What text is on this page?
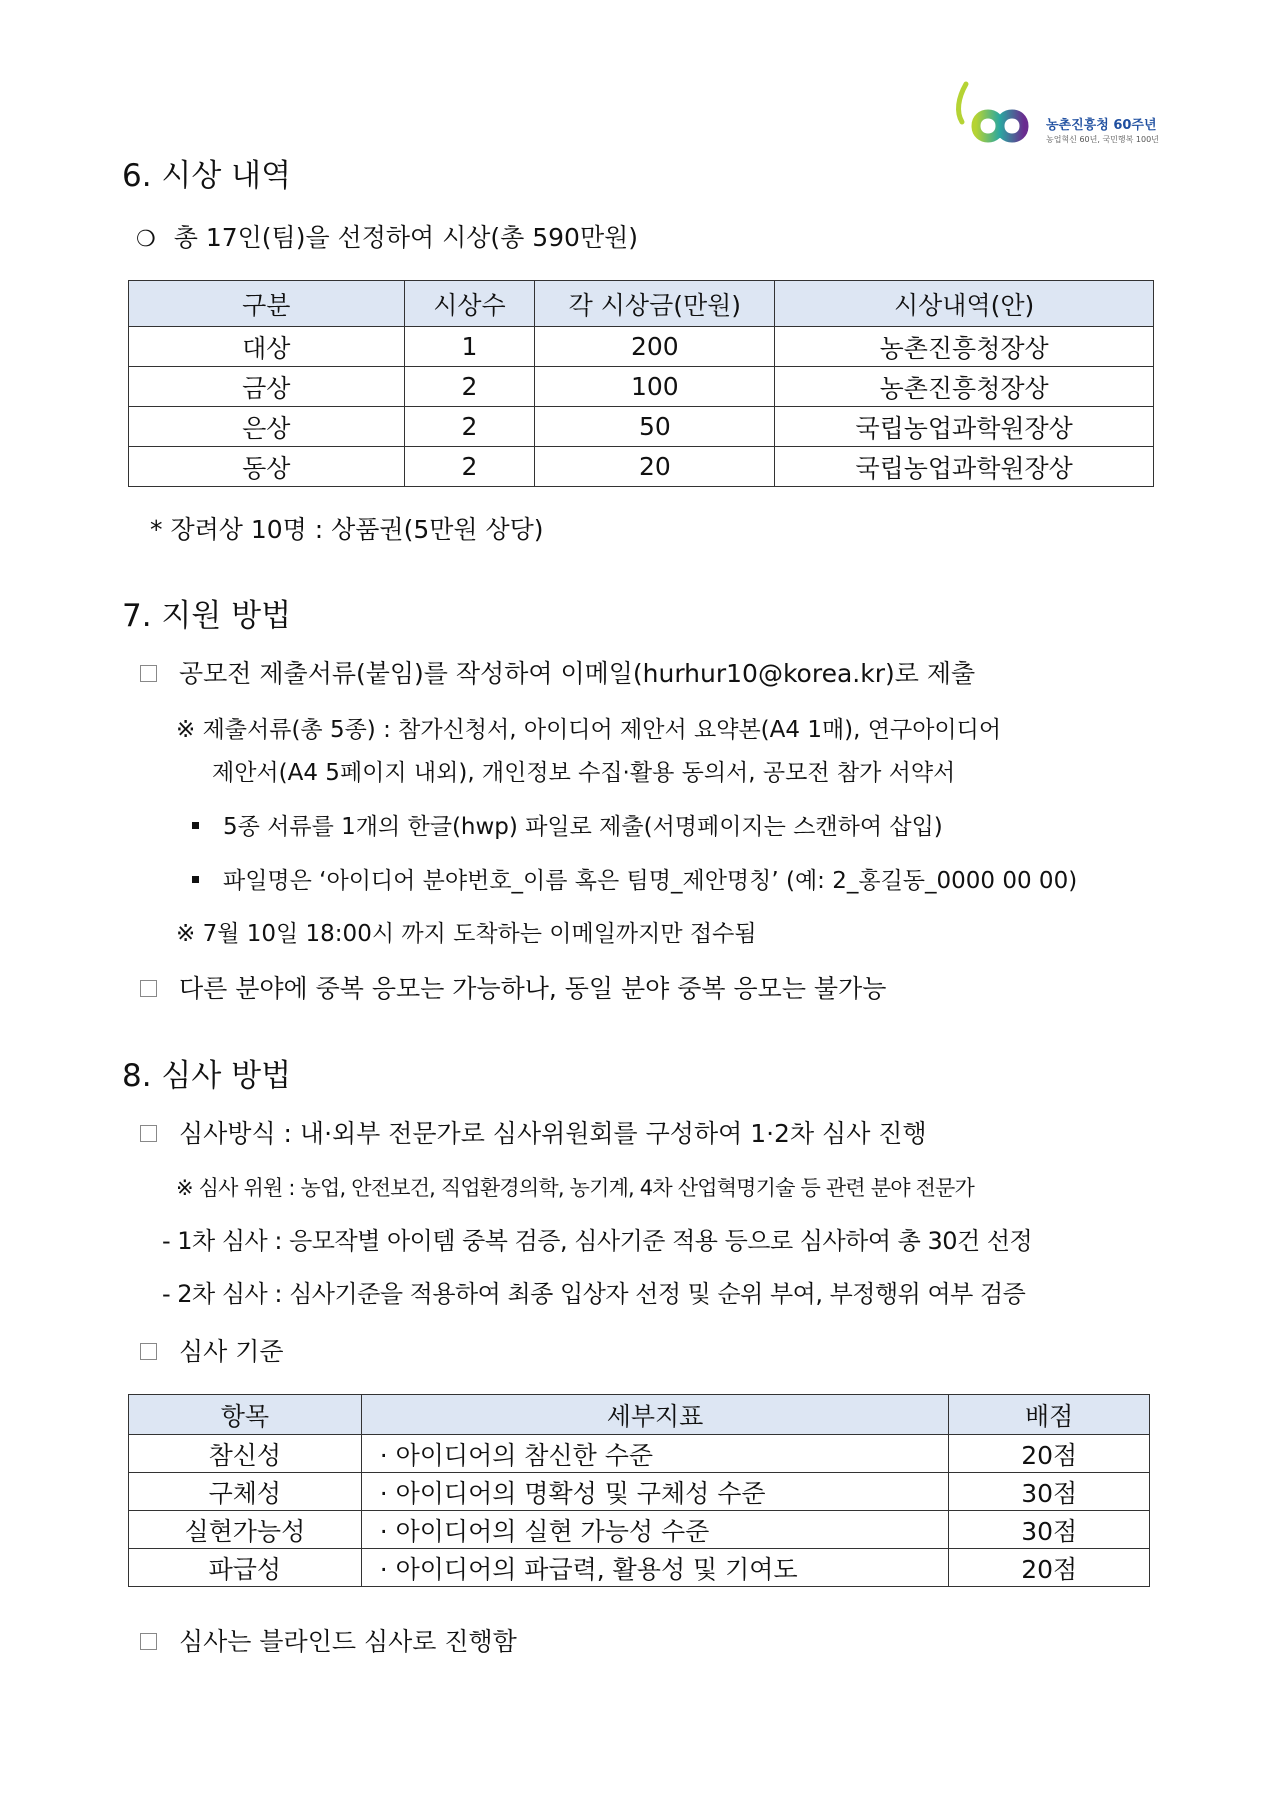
농촌진흥청 60주년
농업혁신 60년, 국민행복 100년
6. 시상 내역
❍ 총 17인(팀)을 선정하여 시상(총 590만원)
구분	시상수	각 시상금(만원)	시상내역(안)
대상	1	200	농촌진흥청장상
금상	2	100	농촌진흥청장상
은상	2	50	국립농업과학원장상
동상	2	20	국립농업과학원장상
* 장려상 10명 : 상품권(5만원 상당)
7. 지원 방법
공모전 제출서류(붙임)를 작성하여 이메일(hurhur10@korea.kr)로 제출
※ 제출서류(총 5종) : 참가신청서, 아이디어 제안서 요약본(A4 1매), 연구아이디어
제안서(A4 5페이지 내외), 개인정보 수집·활용 동의서, 공모전 참가 서약서
5종 서류를 1개의 한글(hwp) 파일로 제출(서명페이지는 스캔하여 삽입)
파일명은 ‘아이디어 분야번호_이름 혹은 팀명_제안명칭’ (예: 2_홍길동_0000 00 00)
※ 7월 10일 18:00시 까지 도착하는 이메일까지만 접수됨
다른 분야에 중복 응모는 가능하나, 동일 분야 중복 응모는 불가능
8. 심사 방법
심사방식 : 내·외부 전문가로 심사위원회를 구성하여 1·2차 심사 진행
※ 심사 위원 : 농업, 안전보건, 직업환경의학, 농기계, 4차 산업혁명기술 등 관련 분야 전문가
- 1차 심사 : 응모작별 아이템 중복 검증, 심사기준 적용 등으로 심사하여 총 30건 선정
- 2차 심사 : 심사기준을 적용하여 최종 입상자 선정 및 순위 부여, 부정행위 여부 검증
심사 기준
항목	세부지표	배점
참신성	· 아이디어의 참신한 수준	20점
구체성	· 아이디어의 명확성 및 구체성 수준	30점
실현가능성	· 아이디어의 실현 가능성 수준	30점
파급성	· 아이디어의 파급력, 활용성 및 기여도	20점
심사는 블라인드 심사로 진행함
